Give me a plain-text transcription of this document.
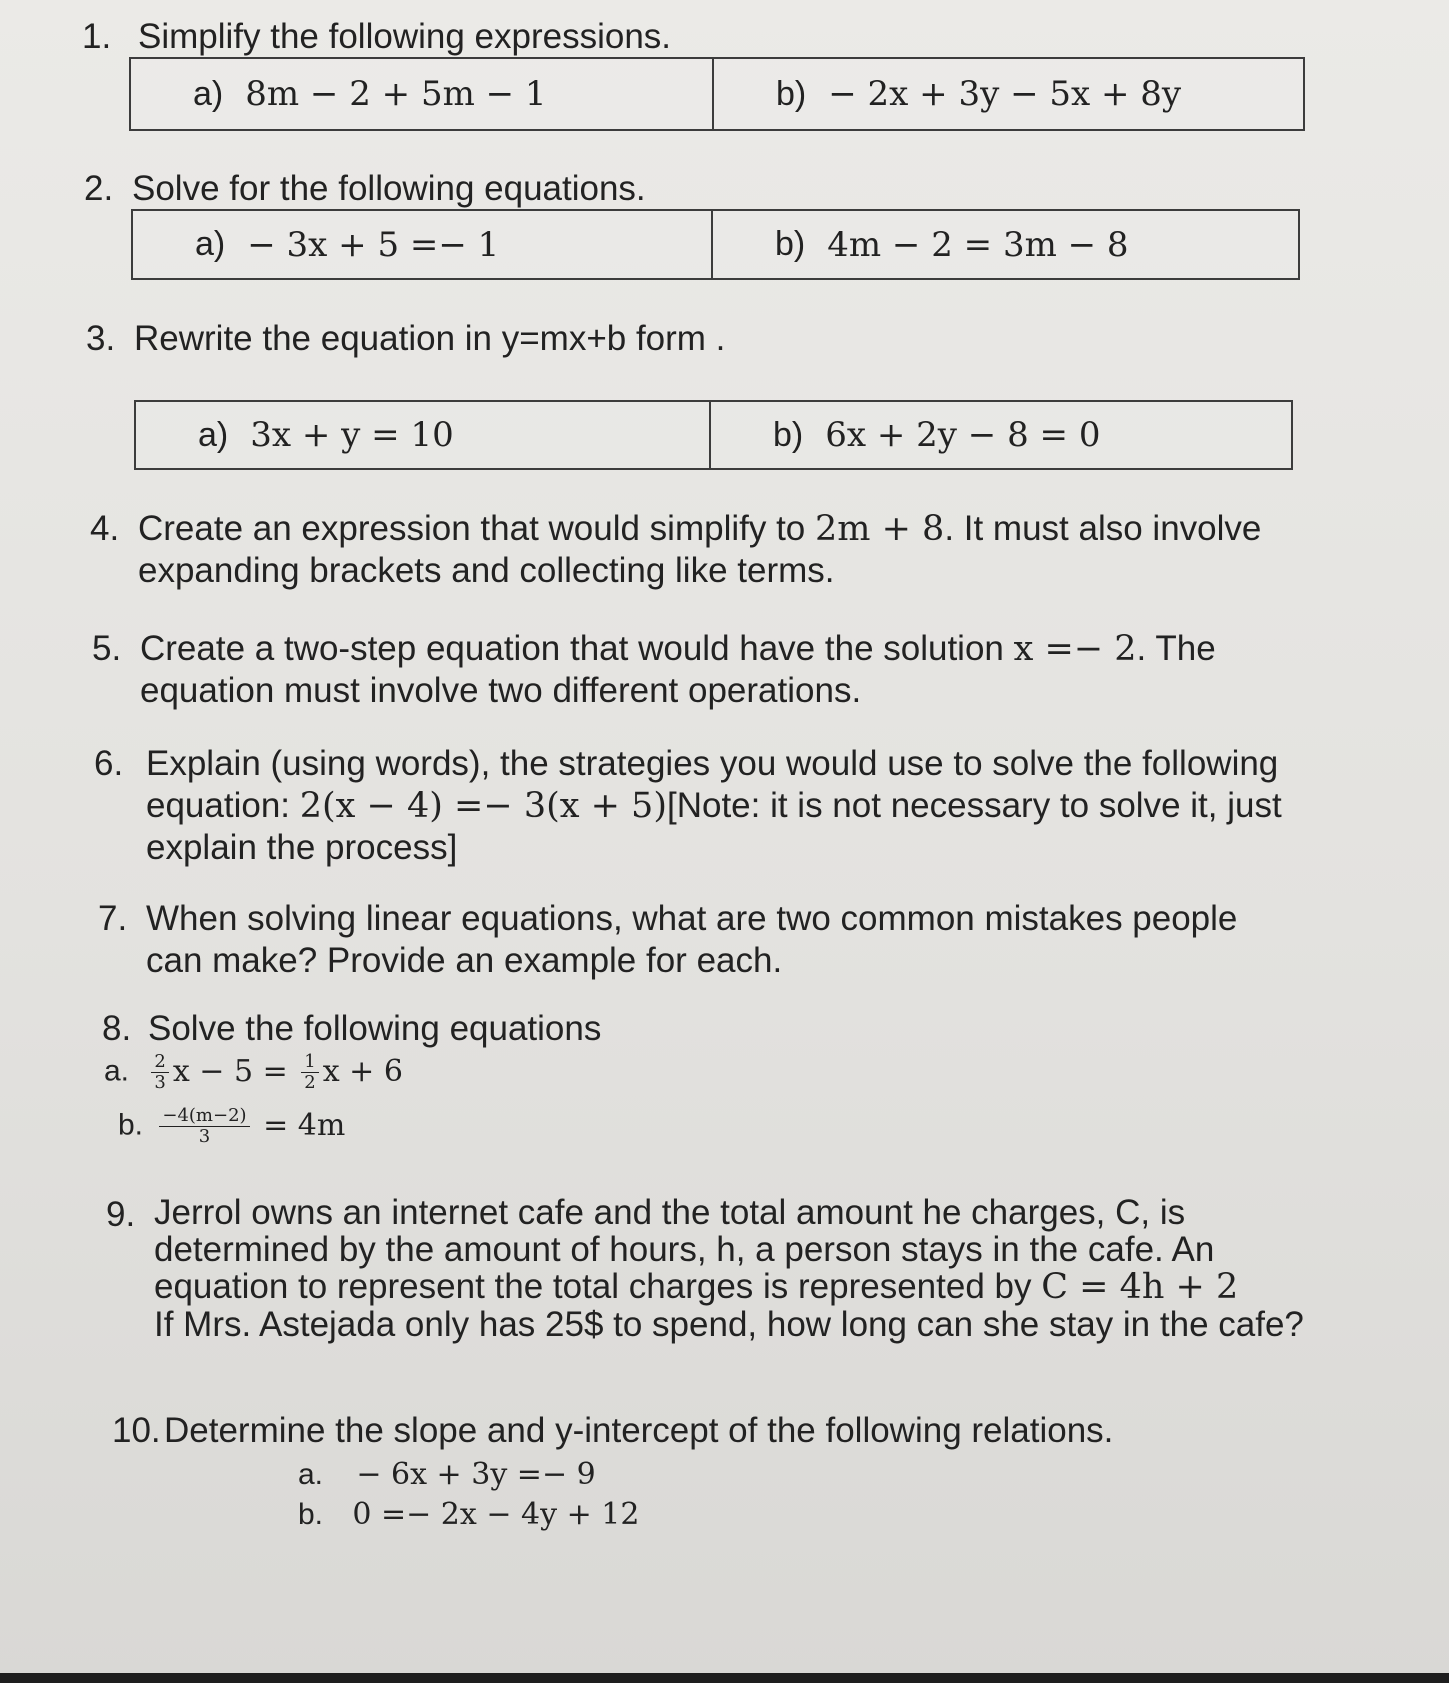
1. Simplify the following expressions.
a) 8m − 2 + 5m − 1	b) − 2x + 3y − 5x + 8y
2. Solve for the following equations.
a) − 3x + 5 =− 1	b) 4m − 2 = 3m − 8
3. Rewrite the equation in y=mx+b form .
a) 3x + y = 10	b) 6x + 2y − 8 = 0
4. Create an expression that would simplify to 2m + 8. It must also involve
expanding brackets and collecting like terms.
5. Create a two-step equation that would have the solution x =− 2. The
equation must involve two different operations.
6. Explain (using words), the strategies you would use to solve the following
equation: 2(x − 4) =− 3(x + 5)[Note: it is not necessary to solve it, just
explain the process]
7. When solving linear equations, what are two common mistakes people
can make? Provide an example for each.
8. Solve the following equations
a. $\frac{2}{3}$ $x - 5 = \frac{1}{2}$ x + 6
b. $\frac{-4(m-2)}{3} = 4m$
9. Jerrol owns an internet cafe and the total amount he charges, C, is
determined by the amount of hours, h, a person stays in the cafe. An
equation to represent the total charges is represented by C = 4h + 2
If Mrs. Astejada only has 25$ to spend, how long can she stay in the cafe?
10. Determine the slope and y-intercept of the following relations.
a. − 6x + 3y =− 9
b. 0 =− 2x − 4y + 12
